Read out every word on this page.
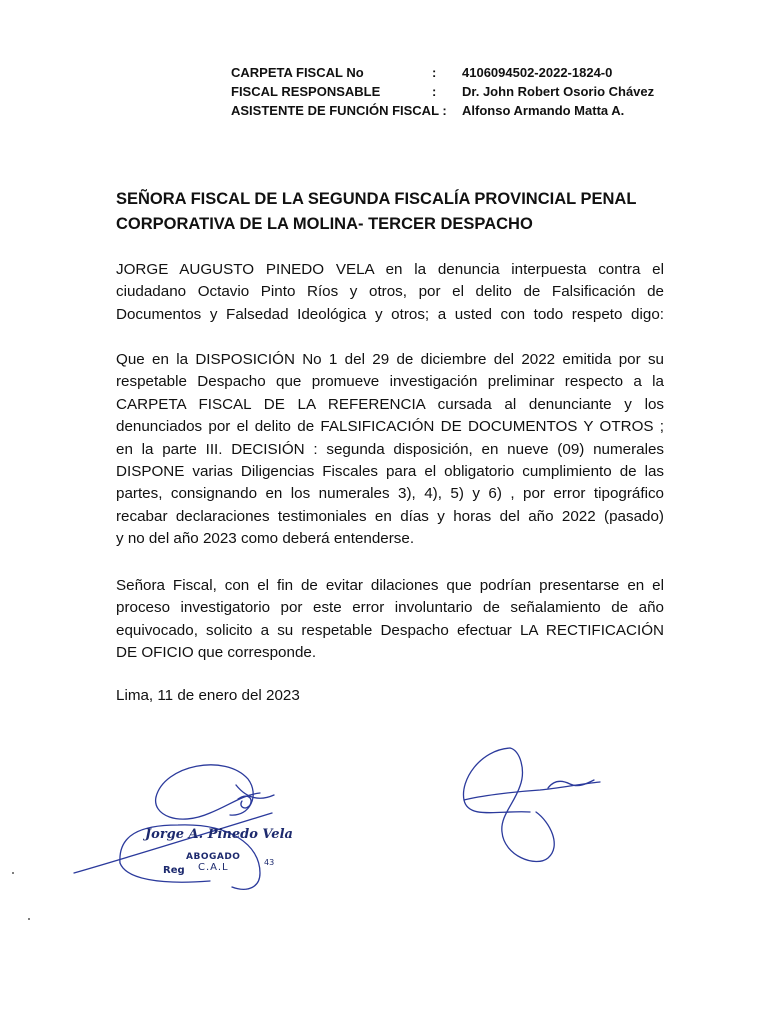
CARPETA FISCAL No	: 4106094502-2022-1824-0
FISCAL RESPONSABLE	: Dr. John Robert Osorio Chávez
ASISTENTE DE FUNCIÓN FISCAL : Alfonso Armando Matta A.
SEÑORA FISCAL DE LA SEGUNDA FISCALÍA PROVINCIAL PENAL
CORPORATIVA DE LA MOLINA- TERCER DESPACHO
JORGE AUGUSTO PINEDO VELA en la denuncia interpuesta contra el
ciudadano Octavio Pinto Ríos y otros, por el delito de Falsificación de
Documentos y Falsedad Ideológica y otros; a usted con todo respeto digo:
Que en la DISPOSICIÓN No 1 del 29 de diciembre del 2022 emitida por su
respetable Despacho que promueve investigación preliminar respecto a la
CARPETA FISCAL DE LA REFERENCIA cursada al denunciante y los
denunciados por el delito de FALSIFICACIÓN DE DOCUMENTOS Y OTROS ;
en la parte III. DECISIÓN : segunda disposición, en nueve (09) numerales
DISPONE varias Diligencias Fiscales para el obligatorio cumplimiento de las
partes, consignando en los numerales 3), 4), 5) y 6) , por error tipográfico
recabar declaraciones testimoniales en días y horas del año 2022 (pasado)
y no del año 2023 como deberá entenderse.
Señora Fiscal, con el fin de evitar dilaciones que podrían presentarse en el
proceso investigatorio por este error involuntario de señalamiento de año
equivocado, solicito a su respetable Despacho efectuar LA RECTIFICACIÓN
DE OFICIO que corresponde.
Lima, 11 de enero del 2023
Jorge A. Pinedo Vela
ABOGADO
Reg C.A.L	43
